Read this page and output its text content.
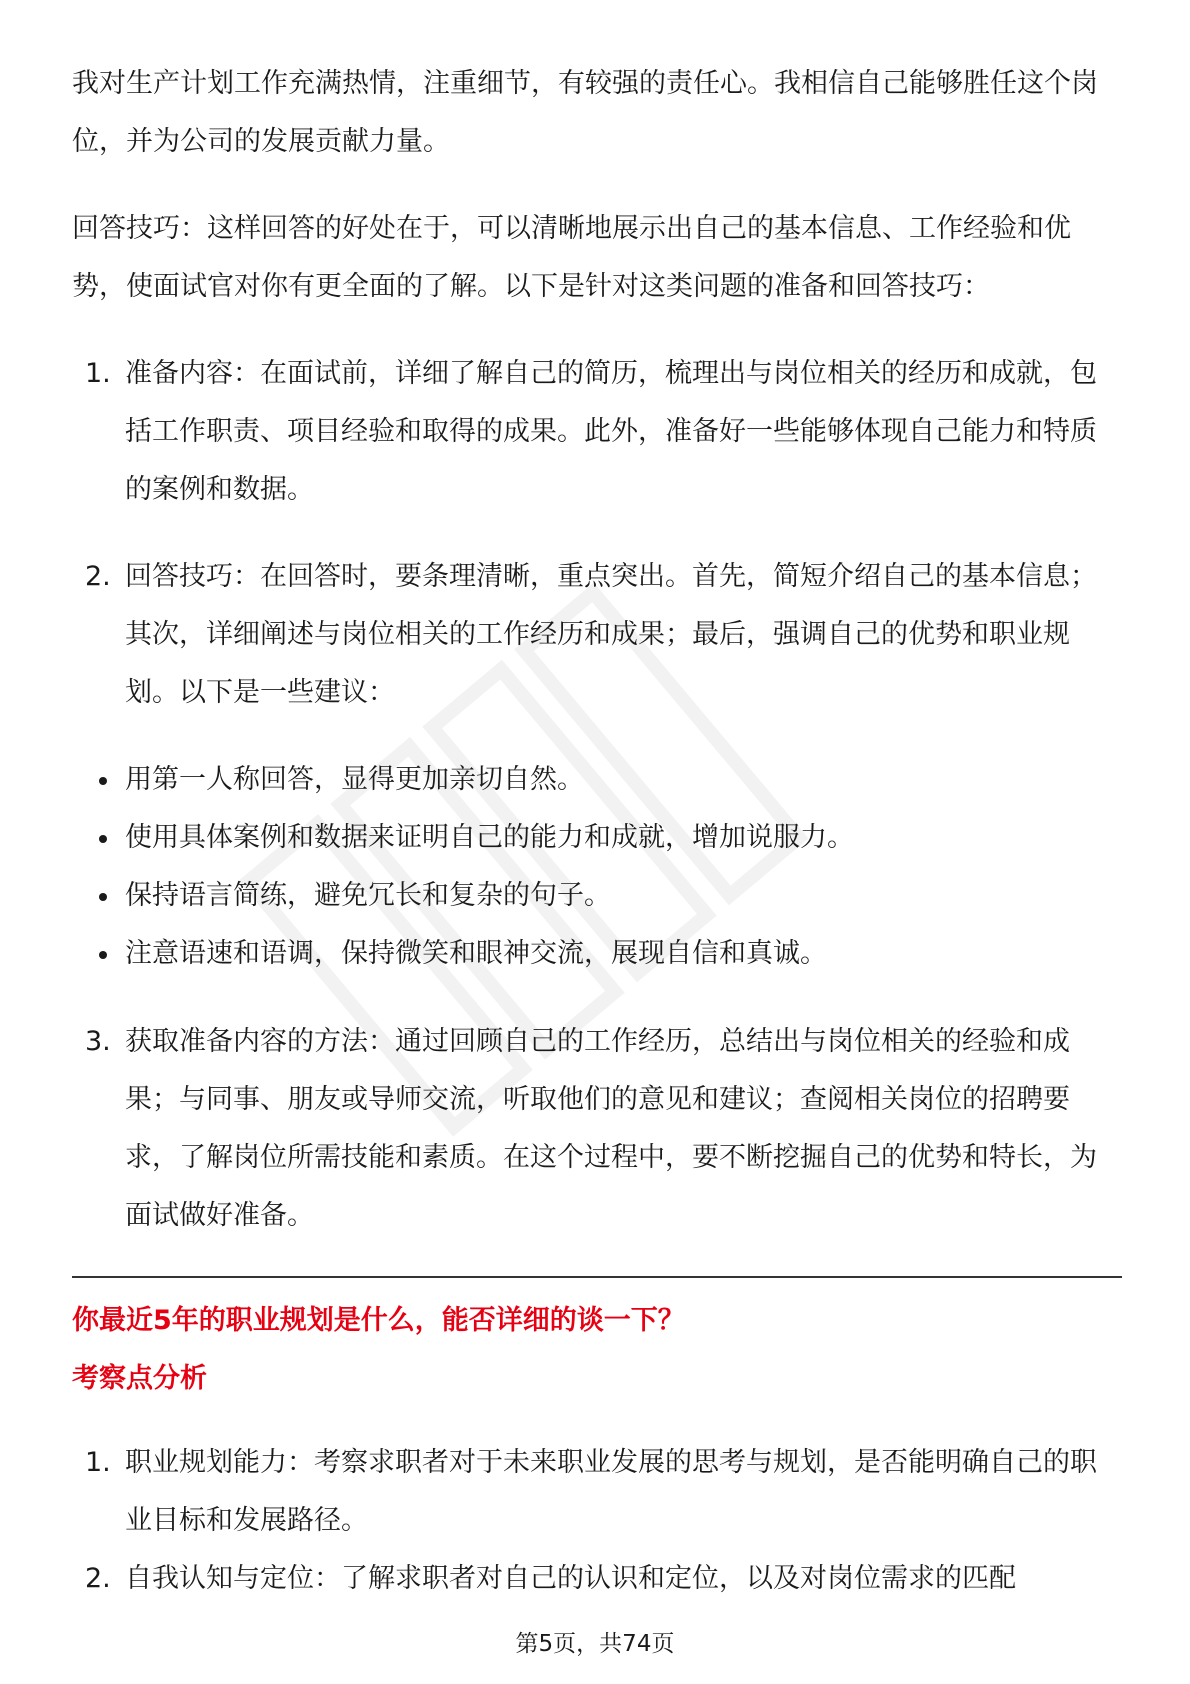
我对生产计划工作充满热情，注重细节，有较强的责任心。我相信自己能够胜任这个岗位，并为公司的发展贡献力量。

回答技巧：这样回答的好处在于，可以清晰地展示出自己的基本信息、工作经验和优势，使面试官对你有更全面的了解。以下是针对这类问题的准备和回答技巧：

1. 准备内容：在面试前，详细了解自己的简历，梳理出与岗位相关的经历和成就，包括工作职责、项目经验和取得的成果。此外，准备好一些能够体现自己能力和特质的案例和数据。
2. 回答技巧：在回答时，要条理清晰，重点突出。首先，简短介绍自己的基本信息；其次，详细阐述与岗位相关的工作经历和成果；最后，强调自己的优势和职业规划。以下是一些建议：
用第一人称回答，显得更加亲切自然。
使用具体案例和数据来证明自己的能力和成就，增加说服力。
保持语言简练，避免冗长和复杂的句子。
注意语速和语调，保持微笑和眼神交流，展现自信和真诚。
3. 获取准备内容的方法：通过回顾自己的工作经历，总结出与岗位相关的经验和成果；与同事、朋友或导师交流，听取他们的意见和建议；查阅相关岗位的招聘要求，了解岗位所需技能和素质。在这个过程中，要不断挖掘自己的优势和特长，为面试做好准备。

你最近5年的职业规划是什么，能否详细的谈一下？

考察点分析

1. 职业规划能力：考察求职者对于未来职业发展的思考与规划，是否能明确自己的职业目标和发展路径。
2. 自我认知与定位：了解求职者对自己的认识和定位，以及对岗位需求的匹配
第5页，共74页
